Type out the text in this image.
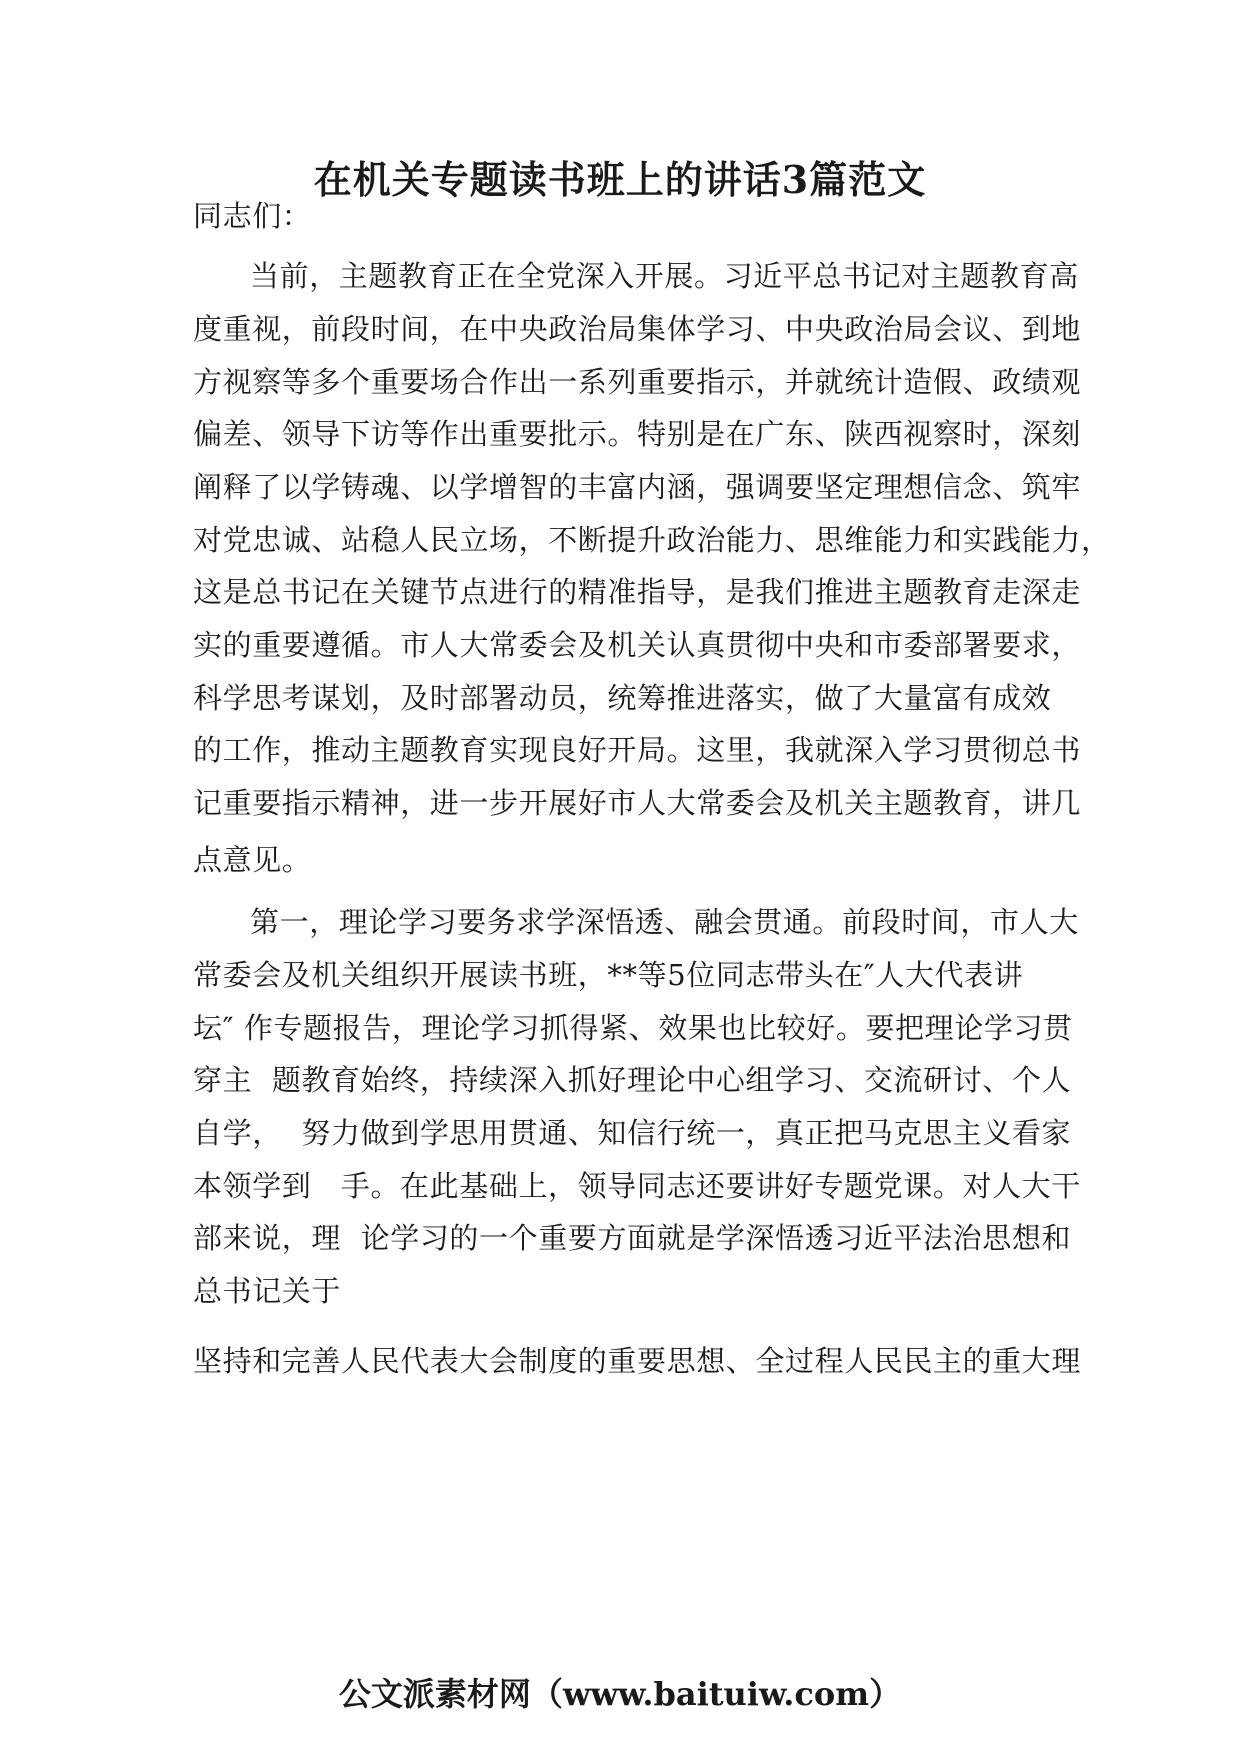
在机关专题读书班上的讲话3篇范文
同志们：
当前，主题教育正在全党深入开展。习近平总书记对主题教育高
度重视，前段时间，在中央政治局集体学习、中央政治局会议、到地
方视察等多个重要场合作出一系列重要指示，并就统计造假、政绩观
偏差、领导下访等作出重要批示。特别是在广东、陕西视察时，深刻
阐释了以学铸魂、以学增智的丰富内涵，强调要坚定理想信念、筑牢
对党忠诚、站稳人民立场，不断提升政治能力、思维能力和实践能力，
这是总书记在关键节点进行的精准指导，是我们推进主题教育走深走
实的重要遵循。市人大常委会及机关认真贯彻中央和市委部署要求，
科学思考谋划，及时部署动员，统筹推进落实，做了大量富有成效
的工作，推动主题教育实现良好开局。这里，我就深入学习贯彻总书
记重要指示精神，进一步开展好市人大常委会及机关主题教育，讲几
点意见。
第一，理论学习要务求学深悟透、融会贯通。前段时间，市人大
常委会及机关组织开展读书班，**等5位同志带头在″人大代表讲
坛″ 作专题报告，理论学习抓得紧、效果也比较好。要把理论学习贯
穿主  题教育始终，持续深入抓好理论中心组学习、交流研讨、个人
自学，  努力做到学思用贯通、知信行统一，真正把马克思主义看家
本领学到   手。在此基础上，领导同志还要讲好专题党课。对人大干
部来说，理  论学习的一个重要方面就是学深悟透习近平法治思想和
总书记关于
坚持和完善人民代表大会制度的重要思想、全过程人民民主的重大理
公文派素材网（www.baituiw.com）
